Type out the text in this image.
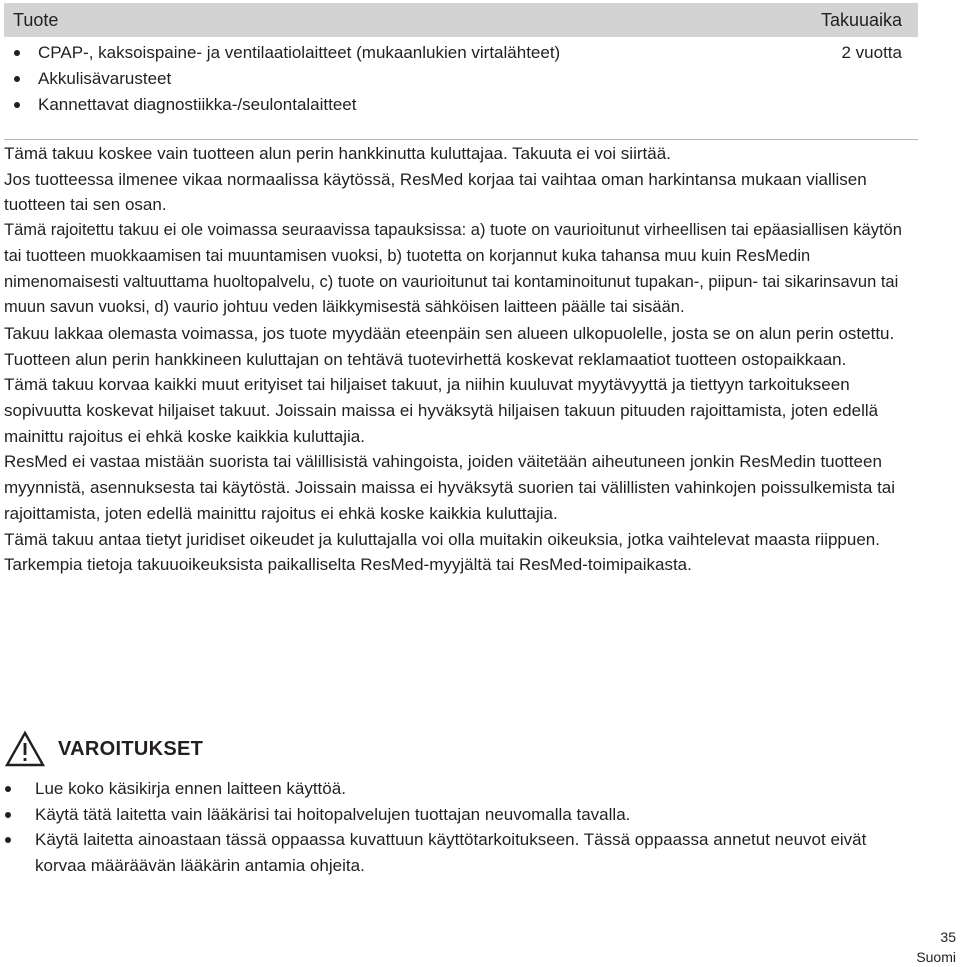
Tuote	Takuuaika
CPAP-, kaksoispaine- ja ventilaatiolaitteet (mukaanlukien virtalähteet)
Akkulisävarusteet
Kannettavat diagnostiikka-/seulontalaitteet
2 vuotta

Tämä takuu koskee vain tuotteen alun perin hankkinutta kuluttajaa. Takuuta ei voi siirtää.

Jos tuotteessa ilmenee vikaa normaalissa käytössä, ResMed korjaa tai vaihtaa oman harkintansa mukaan viallisen tuotteen tai sen osan.

Tämä rajoitettu takuu ei ole voimassa seuraavissa tapauksissa: a) tuote on vaurioitunut virheellisen tai epäasiallisen käytön tai tuotteen muokkaamisen tai muuntamisen vuoksi, b) tuotetta on korjannut kuka tahansa muu kuin ResMedin nimenomaisesti valtuuttama huoltopalvelu, c) tuote on vaurioitunut tai kontaminoitunut tupakan-, piipun- tai sikarinsavun tai muun savun vuoksi, d) vaurio johtuu veden läikkymisestä sähköisen laitteen päälle tai sisään.

Takuu lakkaa olemasta voimassa, jos tuote myydään eteenpäin sen alueen ulkopuolelle, josta se on alun perin ostettu.

Tuotteen alun perin hankkineen kuluttajan on tehtävä tuotevirhettä koskevat reklamaatiot tuotteen ostopaikkaan.

Tämä takuu korvaa kaikki muut erityiset tai hiljaiset takuut, ja niihin kuuluvat myytävyyttä ja tiettyyn tarkoitukseen sopivuutta koskevat hiljaiset takuut. Joissain maissa ei hyväksytä hiljaisen takuun pituuden rajoittamista, joten edellä mainittu rajoitus ei ehkä koske kaikkia kuluttajia.

ResMed ei vastaa mistään suorista tai välillisistä vahingoista, joiden väitetään aiheutuneen jonkin ResMedin tuotteen myynnistä, asennuksesta tai käytöstä. Joissain maissa ei hyväksytä suorien tai välillisten vahinkojen poissulkemista tai rajoittamista, joten edellä mainittu rajoitus ei ehkä koske kaikkia kuluttajia.

Tämä takuu antaa tietyt juridiset oikeudet ja kuluttajalla voi olla muitakin oikeuksia, jotka vaihtelevat maasta riippuen. Tarkempia tietoja takuuoikeuksista paikalliselta ResMed-myyjältä tai ResMed-toimipaikasta.

VAROITUKSET
Lue koko käsikirja ennen laitteen käyttöä.
Käytä tätä laitetta vain lääkärisi tai hoitopalvelujen tuottajan neuvomalla tavalla.
Käytä laitetta ainoastaan tässä oppaassa kuvattuun käyttötarkoitukseen. Tässä oppaassa annetut neuvot eivät korvaa määräävän lääkärin antamia ohjeita.
35
Suomi
